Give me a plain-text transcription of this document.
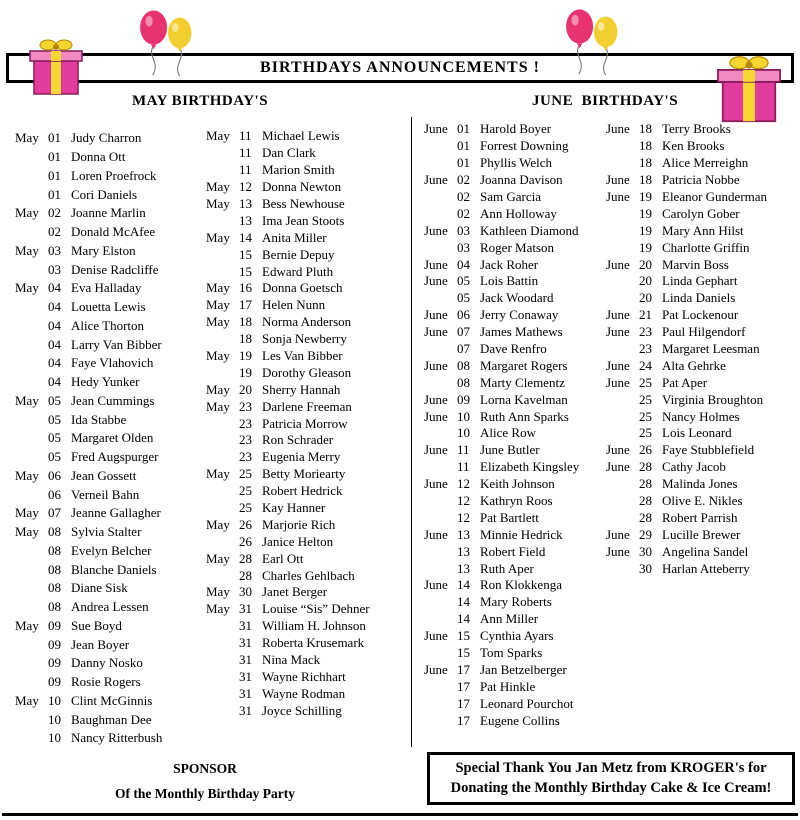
BIRTHDAYS ANNOUNCEMENTS !
MAY BIRTHDAY'S	JUNE  BIRTHDAY'S
May 01 Judy Charron
01 Donna Ott
01 Loren Proefrock
01 Cori Daniels
May 02 Joanne Marlin
02 Donald McAfee
May 03 Mary Elston
03 Denise Radcliffe
May 04 Eva Halladay
04 Louetta Lewis
04 Alice Thorton
04 Larry Van Bibber
04 Faye Vlahovich
04 Hedy Yunker
May 05 Jean Cummings
05 Ida Stabbe
05 Margaret Olden
05 Fred Augspurger
May 06 Jean Gossett
06 Verneil Bahn
May 07 Jeanne Gallagher
May 08 Sylvia Stalter
08 Evelyn Belcher
08 Blanche Daniels
08 Diane Sisk
08 Andrea Lessen
May 09 Sue Boyd
09 Jean Boyer
09 Danny Nosko
09 Rosie Rogers
May 10 Clint McGinnis
10 Baughman Dee
10 Nancy Ritterbush
May 11 Michael Lewis
11 Dan Clark
11 Marion Smith
May 12 Donna Newton
May 13 Bess Newhouse
13 Ima Jean Stoots
May 14 Anita Miller
15 Bernie Depuy
15 Edward Pluth
May 16 Donna Goetsch
May 17 Helen Nunn
May 18 Norma Anderson
18 Sonja Newberry
May 19 Les Van Bibber
19 Dorothy Gleason
May 20 Sherry Hannah
May 23 Darlene Freeman
23 Patricia Morrow
23 Ron Schrader
23 Eugenia Merry
May 25 Betty Moriearty
25 Robert Hedrick
25 Kay Hanner
May 26 Marjorie Rich
26 Janice Helton
May 28 Earl Ott
28 Charles Gehlbach
May 30 Janet Berger
May 31 Louise “Sis” Dehner
31 William H. Johnson
31 Roberta Krusemark
31 Nina Mack
31 Wayne Richhart
31 Wayne Rodman
31 Joyce Schilling
June 01 Harold Boyer
01 Forrest Downing
01 Phyllis Welch
June 02 Joanna Davison
02 Sam Garcia
02 Ann Holloway
June 03 Kathleen Diamond
03 Roger Matson
June 04 Jack Roher
June 05 Lois Battin
05 Jack Woodard
June 06 Jerry Conaway
June 07 James Mathews
07 Dave Renfro
June 08 Margaret Rogers
08 Marty Clementz
June 09 Lorna Kavelman
June 10 Ruth Ann Sparks
10 Alice Row
June 11 June Butler
11 Elizabeth Kingsley
June 12 Keith Johnson
12 Kathryn Roos
12 Pat Bartlett
June 13 Minnie Hedrick
13 Robert Field
13 Ruth Aper
June 14 Ron Klokkenga
14 Mary Roberts
14 Ann Miller
June 15 Cynthia Ayars
15 Tom Sparks
June 17 Jan Betzelberger
17 Pat Hinkle
17 Leonard Pourchot
17 Eugene Collins
June 18 Terry Brooks
18 Ken Brooks
18 Alice Merreighn
June 18 Patricia Nobbe
June 19 Eleanor Gunderman
19 Carolyn Gober
19 Mary Ann Hilst
19 Charlotte Griffin
June 20 Marvin Boss
20 Linda Gephart
20 Linda Daniels
June 21 Pat Lockenour
June 23 Paul Hilgendorf
23 Margaret Leesman
June 24 Alta Gehrke
June 25 Pat Aper
25 Virginia Broughton
25 Nancy Holmes
25 Lois Leonard
June 26 Faye Stubblefield
June 28 Cathy Jacob
28 Malinda Jones
28 Olive E. Nikles
28 Robert Parrish
June 29 Lucille Brewer
June 30 Angelina Sandel
30 Harlan Atteberry
SPONSOR
Of the Monthly Birthday Party
Special Thank You Jan Metz from KROGER's for
Donating the Monthly Birthday Cake & Ice Cream!
